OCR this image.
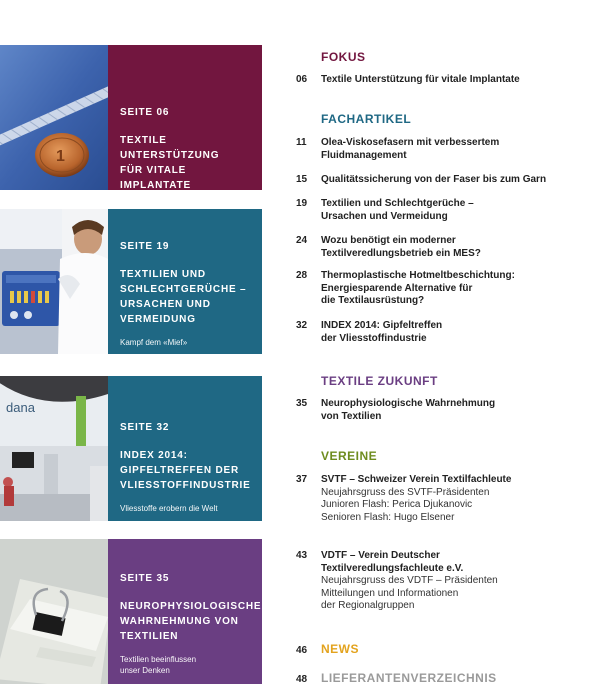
1
SEITE 06
TEXTILE UNTERSTÜTZUNG
FÜR VITALE IMPLANTATE
SEITE 19
TEXTILIEN UND
SCHLECHTGERÜCHE –
URSACHEN UND
VERMEIDUNG
Kampf dem «Mief»
dana
SEITE 32
INDEX 2014:
GIPFELTREFFEN DER
VLIESSTOFFINDUSTRIE
Vliesstoffe erobern die Welt
SEITE 35
NEUROPHYSIOLOGISCHE
WAHRNEHMUNG VON
TEXTILIEN
Textilien beeinflussen
unser Denken
FOKUS
06	Textile Unterstützung für vitale Implantate
FACHARTIKEL
11	Olea-Viskosefasern mit verbessertem
Fluidmanagement
15	Qualitätssicherung von der Faser bis zum Garn
19	Textilien und Schlechtgerüche –
Ursachen und Vermeidung
24	Wozu benötigt ein moderner
Textilveredlungsbetrieb ein MES?
28	Thermoplastische Hotmeltbeschichtung:
Energiesparende Alternative für
die Textilausrüstung?
32	INDEX 2014: Gipfeltreffen
der Vliesstoffindustrie
TEXTILE ZUKUNFT
35	Neurophysiologische Wahrnehmung
von Textilien
VEREINE
37	SVTF – Schweizer Verein Textilfachleute
Neujahrsgruss des SVTF-Präsidenten
Junioren Flash: Perica Djukanovic
Senioren Flash: Hugo Elsener
43	VDTF – Verein Deutscher
Textilveredlungsfachleute e.V.
Neujahrsgruss des VDTF – Präsidenten
Mitteilungen und Informationen
der Regionalgruppen
46	NEWS
48	LIEFERANTENVERZEICHNIS
